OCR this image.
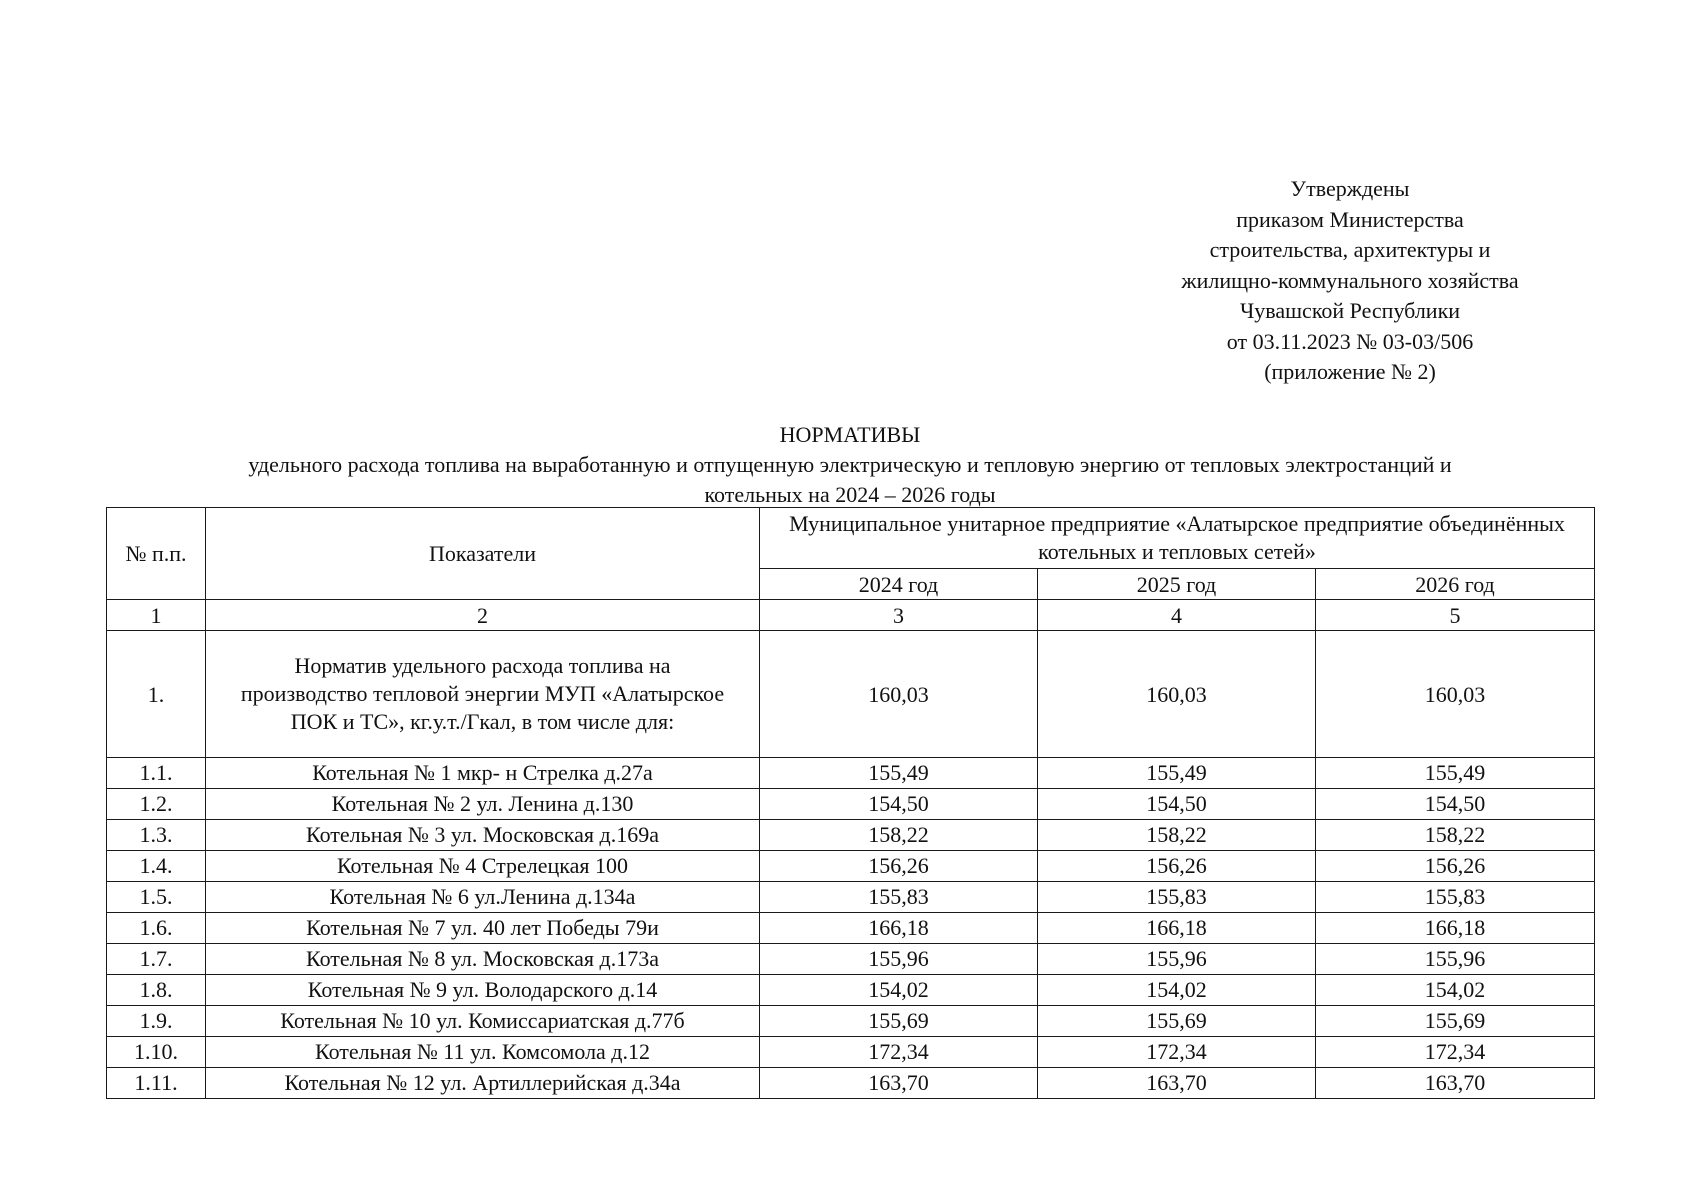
Утверждены
приказом Министерства
строительства, архитектуры и
жилищно-коммунального хозяйства
Чувашской Республики
от 03.11.2023 № 03-03/506
(приложение № 2)
НОРМАТИВЫ
удельного расхода топлива на выработанную и отпущенную электрическую и тепловую энергию от тепловых электростанций и
котельных на 2024 – 2026 годы
№ п.п.	Показатели	Муниципальное унитарное предприятие «Алатырское предприятие объединённых котельных и тепловых сетей»		
		2024 год	2025 год	2026 год
1	2	3	4	5
1.	Норматив удельного расхода топлива на производство тепловой энергии МУП «Алатырское ПОК и ТС», кг.у.т./Гкал, в том числе для:	160,03	160,03	160,03
1.1.	Котельная № 1 мкр- н Стрелка д.27а	155,49	155,49	155,49
1.2.	Котельная № 2 ул. Ленина д.130	154,50	154,50	154,50
1.3.	Котельная № 3 ул. Московская д.169а	158,22	158,22	158,22
1.4.	Котельная № 4 Стрелецкая 100	156,26	156,26	156,26
1.5.	Котельная № 6 ул.Ленина д.134а	155,83	155,83	155,83
1.6.	Котельная № 7 ул. 40 лет Победы 79и	166,18	166,18	166,18
1.7.	Котельная № 8 ул. Московская д.173а	155,96	155,96	155,96
1.8.	Котельная № 9 ул. Володарского д.14	154,02	154,02	154,02
1.9.	Котельная № 10 ул. Комиссариатская д.77б	155,69	155,69	155,69
1.10.	Котельная № 11 ул. Комсомола д.12	172,34	172,34	172,34
1.11.	Котельная № 12 ул. Артиллерийская д.34а	163,70	163,70	163,70
